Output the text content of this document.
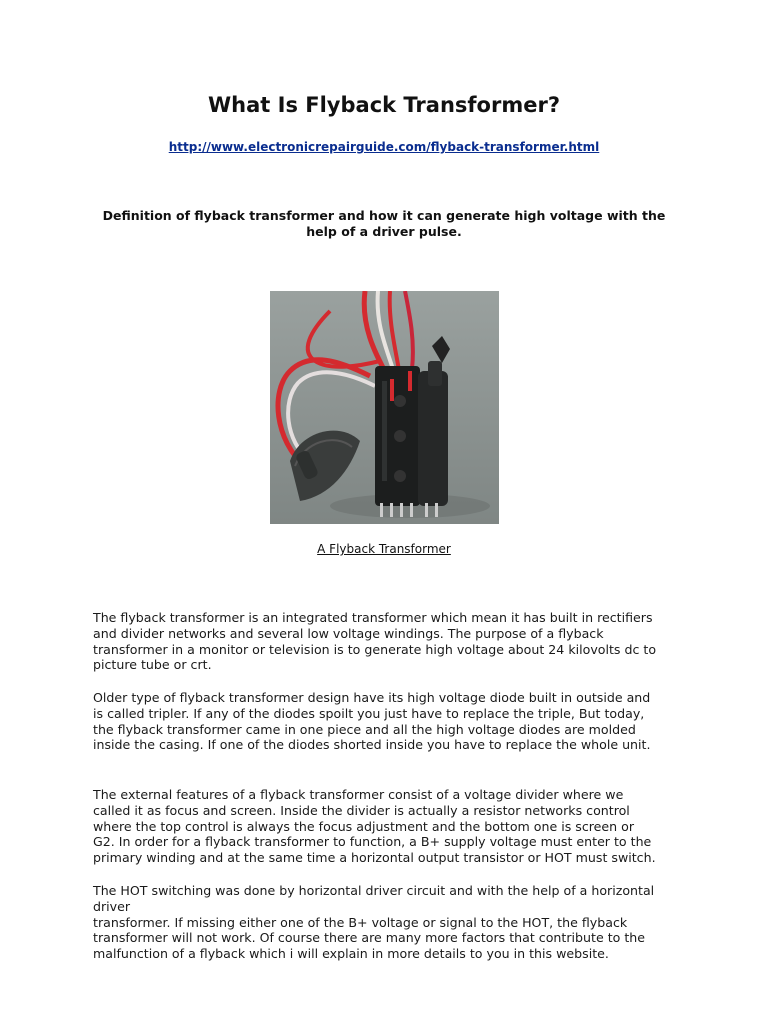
What Is Flyback Transformer?
http://www.electronicrepairguide.com/flyback-transformer.html
Definition of flyback transformer and how it can generate high voltage with the help of a driver pulse.
A Flyback Transformer

The flyback transformer is an integrated transformer which mean it has built in rectifiers
and divider networks and several low voltage windings. The purpose of a flyback
transformer in a monitor or television is to generate high voltage about 24 kilovolts dc to
picture tube or crt.

Older type of flyback transformer design have its high voltage diode built in outside and
is called tripler. If any of the diodes spoilt you just have to replace the triple, But today,
the flyback transformer came in one piece and all the high voltage diodes are molded
inside the casing. If one of the diodes shorted inside you have to replace the whole unit.

The external features of a flyback transformer consist of a voltage divider where we
called it as focus and screen. Inside the divider is actually a resistor networks control
where the top control is always the focus adjustment and the bottom one is screen or
G2. In order for a flyback transformer to function, a B+ supply voltage must enter to the
primary winding and at the same time a horizontal output transistor or HOT must switch.

The HOT switching was done by horizontal driver circuit and with the help of a horizontal
driver
transformer. If missing either one of the B+ voltage or signal to the HOT, the flyback
transformer will not work. Of course there are many more factors that contribute to the
malfunction of a flyback which i will explain in more details to you in this website.
